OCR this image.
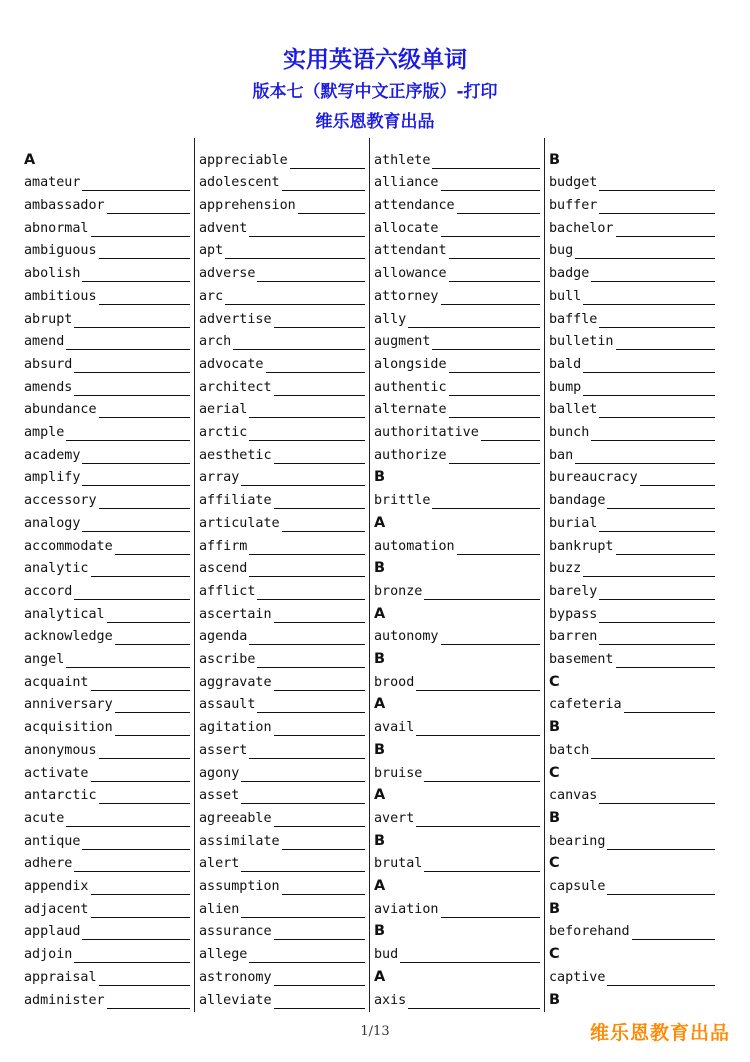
实用英语六级单词
版本七（默写中文正序版）-打印
维乐恩教育出品
A
amateur
ambassador
abnormal
ambiguous
abolish
ambitious
abrupt
amend
absurd
amends
abundance
ample
academy
amplify
accessory
analogy
accommodate
analytic
accord
analytical
acknowledge
angel
acquaint
anniversary
acquisition
anonymous
activate
antarctic
acute
antique
adhere
appendix
adjacent
applaud
adjoin
appraisal
administer
appreciable
adolescent
apprehension
advent
apt
adverse
arc
advertise
arch
advocate
architect
aerial
arctic
aesthetic
array
affiliate
articulate
affirm
ascend
afflict
ascertain
agenda
ascribe
aggravate
assault
agitation
assert
agony
asset
agreeable
assimilate
alert
assumption
alien
assurance
allege
astronomy
alleviate
athlete
alliance
attendance
allocate
attendant
allowance
attorney
ally
augment
alongside
authentic
alternate
authoritative
authorize
B
brittle
A
automation
B
bronze
A
autonomy
B
brood
A
avail
B
bruise
A
avert
B
brutal
A
aviation
B
bud
A
axis
B
budget
buffer
bachelor
bug
badge
bull
baffle
bulletin
bald
bump
ballet
bunch
ban
bureaucracy
bandage
burial
bankrupt
buzz
barely
bypass
barren
basement
C
cafeteria
B
batch
C
canvas
B
bearing
C
capsule
B
beforehand
C
captive
B
1/13	维乐恩教育出品
